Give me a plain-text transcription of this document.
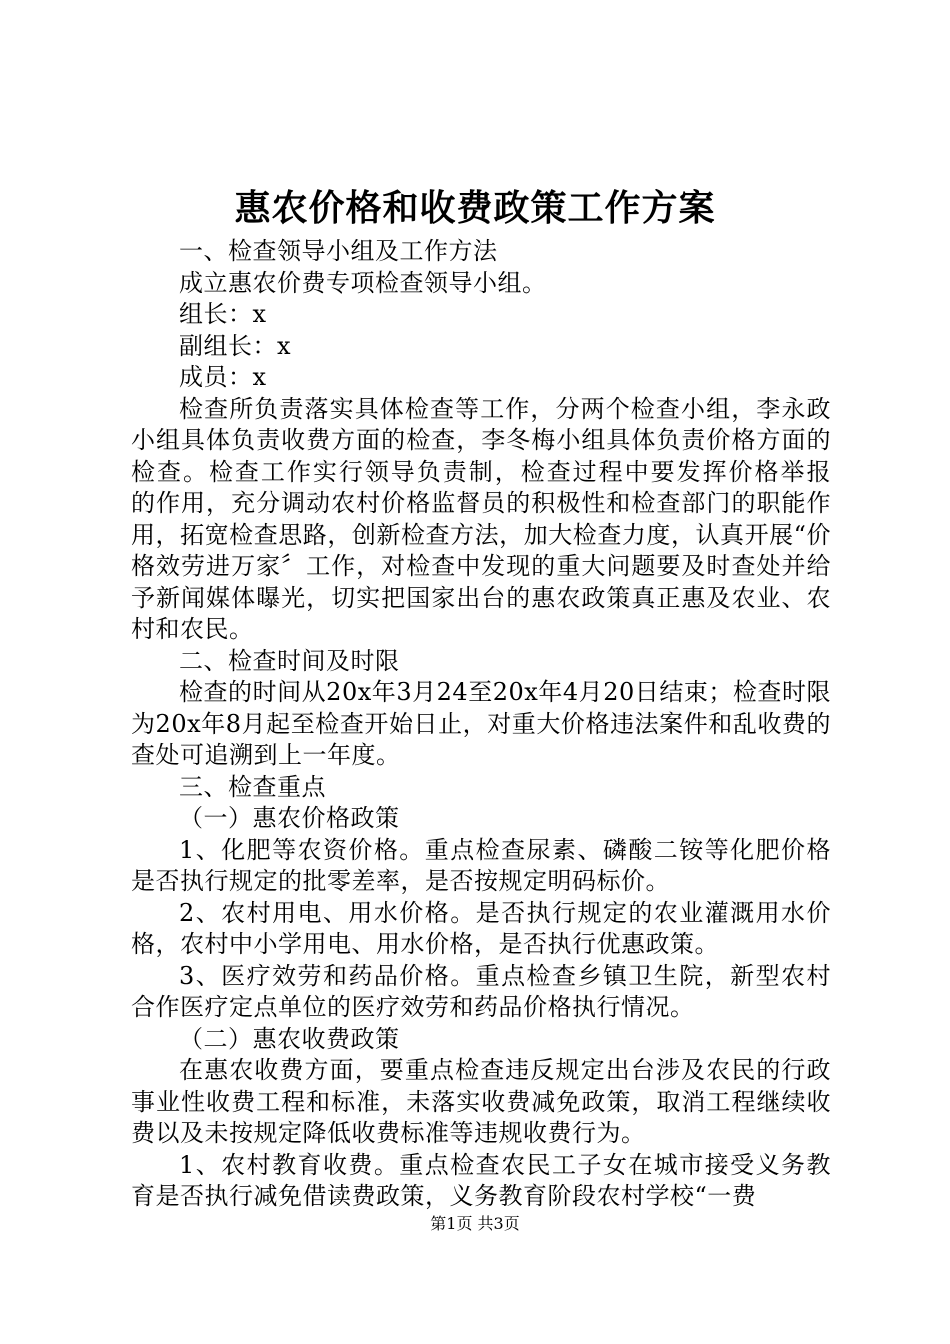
惠农价格和收费政策工作方案

一、检查领导小组及工作方法

成立惠农价费专项检查领导小组。

组长：x

副组长：x

成员：x

检查所负责落实具体检查等工作，分两个检查小组，李永政小组具体负责收费方面的检查，李冬梅小组具体负责价格方面的检查。检查工作实行领导负责制，检查过程中要发挥价格举报　的作用，充分调动农村价格监督员的积极性和检查部门的职能作用，拓宽检查思路，创新检查方法，加大检查力度，认真开展“价格效劳进万家〞工作，对检查中发现的重大问题要及时查处并给予新闻媒体曝光，切实把国家出台的惠农政策真正惠及农业、农村和农民。

二、检查时间及时限

检查的时间从20x年3月24至20x年4月20日结束；检查时限为20x年8月起至检查开始日止，对重大价格违法案件和乱收费的查处可追溯到上一年度。

三、检查重点

（一）惠农价格政策

1、化肥等农资价格。重点检查尿素、磷酸二铵等化肥价格是否执行规定的批零差率，是否按规定明码标价。

2、农村用电、用水价格。是否执行规定的农业灌溉用水价格，农村中小学用电、用水价格，是否执行优惠政策。

3、医疗效劳和药品价格。重点检查乡镇卫生院，新型农村合作医疗定点单位的医疗效劳和药品价格执行情况。

（二）惠农收费政策

在惠农收费方面，要重点检查违反规定出台涉及农民的行政事业性收费工程和标准，未落实收费减免政策，取消工程继续收费以及未按规定降低收费标准等违规收费行为。

1、农村教育收费。重点检查农民工子女在城市接受义务教育是否执行减免借读费政策，义务教育阶段农村学校“一费

第1页 共3页
